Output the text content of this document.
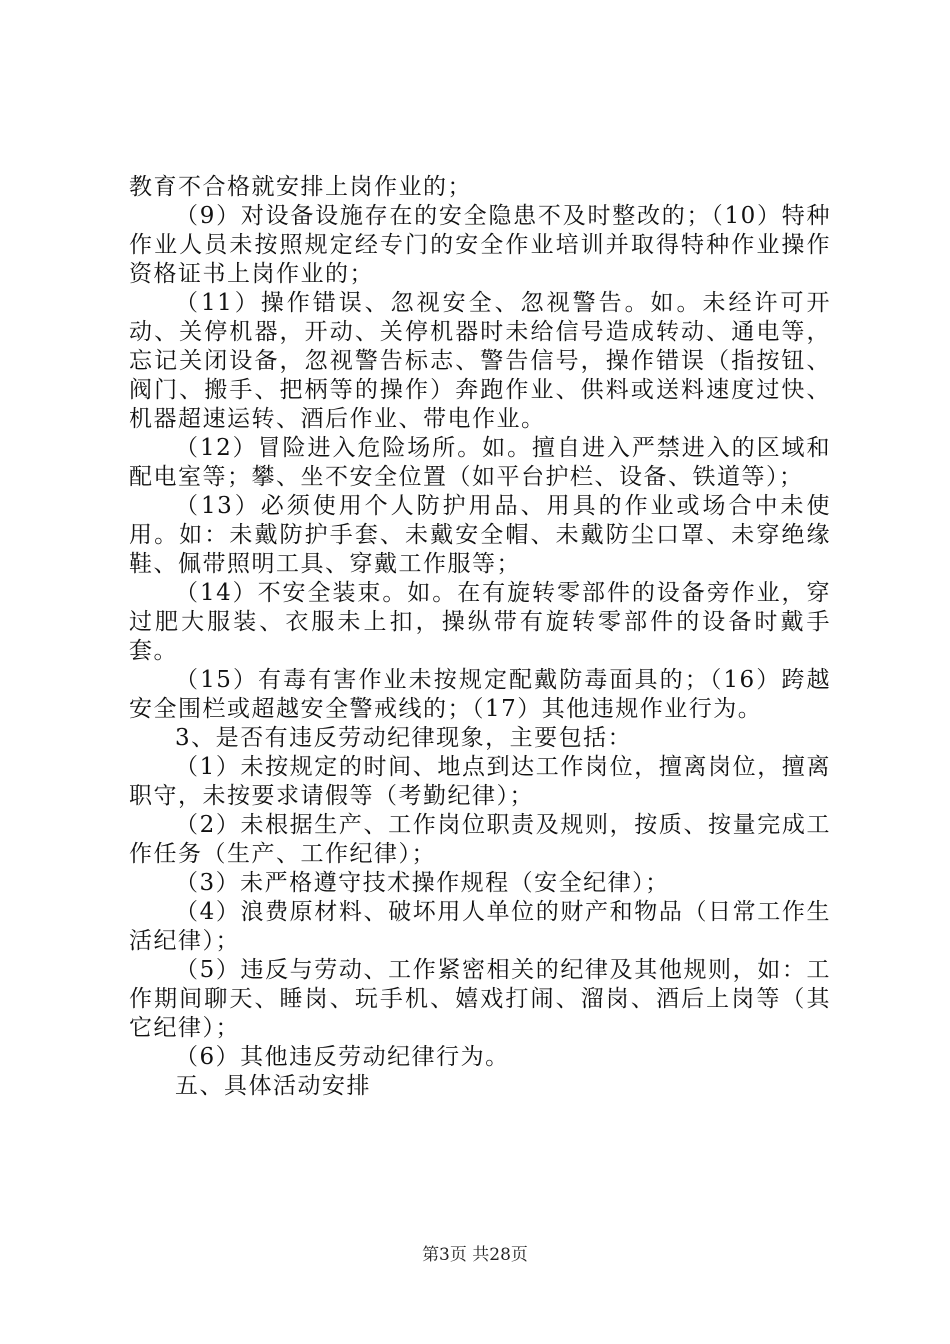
教育不合格就安排上岗作业的；

（9）对设备设施存在的安全隐患不及时整改的；（10）特种作业人员未按照规定经专门的安全作业培训并取得特种作业操作资格证书上岗作业的；

（11）操作错误、忽视安全、忽视警告。如。未经许可开动、关停机器，开动、关停机器时未给信号造成转动、通电等，忘记关闭设备，忽视警告标志、警告信号，操作错误（指按钮、阀门、搬手、把柄等的操作）奔跑作业、供料或送料速度过快、机器超速运转、酒后作业、带电作业。

（12）冒险进入危险场所。如。擅自进入严禁进入的区域和配电室等；攀、坐不安全位置（如平台护栏、设备、铁道等）；

（13）必须使用个人防护用品、用具的作业或场合中未使用。如：未戴防护手套、未戴安全帽、未戴防尘口罩、未穿绝缘鞋、佩带照明工具、穿戴工作服等；

（14）不安全装束。如。在有旋转零部件的设备旁作业，穿过肥大服装、衣服未上扣，操纵带有旋转零部件的设备时戴手套。

（15）有毒有害作业未按规定配戴防毒面具的；（16）跨越安全围栏或超越安全警戒线的；（17）其他违规作业行为。

3、是否有违反劳动纪律现象，主要包括：

（1）未按规定的时间、地点到达工作岗位，擅离岗位，擅离职守，未按要求请假等（考勤纪律）；

（2）未根据生产、工作岗位职责及规则，按质、按量完成工作任务（生产、工作纪律）；

（3）未严格遵守技术操作规程（安全纪律）；

（4）浪费原材料、破坏用人单位的财产和物品（日常工作生活纪律）；

（5）违反与劳动、工作紧密相关的纪律及其他规则，如：工作期间聊天、睡岗、玩手机、嬉戏打闹、溜岗、酒后上岗等（其它纪律）；

（6）其他违反劳动纪律行为。

五、具体活动安排

第3页 共28页
